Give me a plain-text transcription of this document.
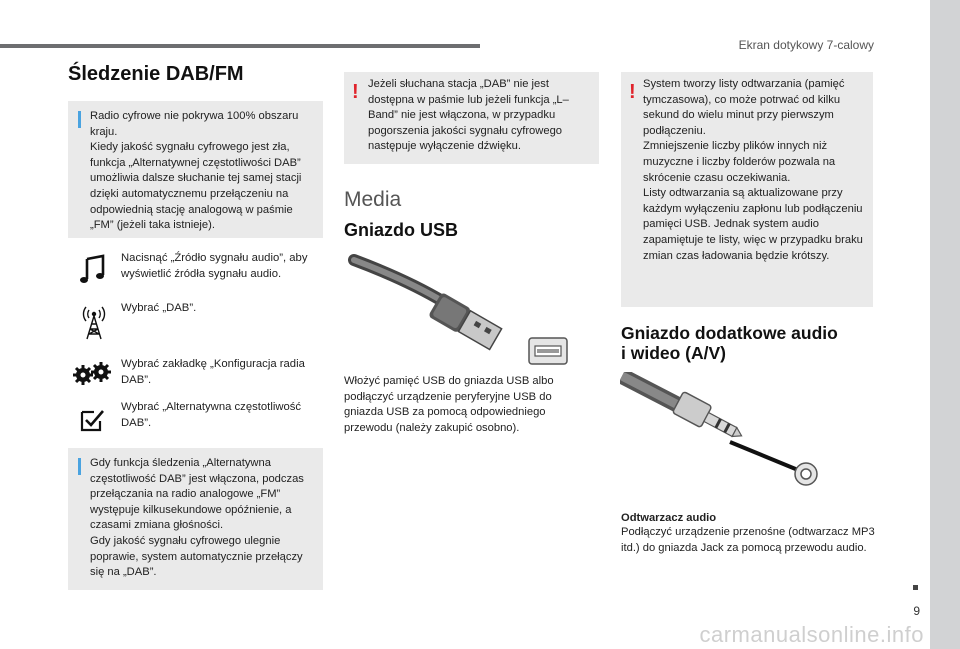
Ekran dotykowy 7-calowy
9
carmanualsonline.info
Śledzenie DAB/FM

Radio cyfrowe nie pokrywa 100% obszaru kraju.
Kiedy jakość sygnału cyfrowego jest zła, funkcja „Alternatywnej częstotliwości DAB” umożliwia dalsze słuchanie tej samej stacji dzięki automatycznemu przełączeniu na odpowiednią stację analogową w paśmie „FM” (jeżeli taka istnieje).

Nacisnąć „Źródło sygnału audio”, aby wyświetlić źródła sygnału audio.
Wybrać „DAB”.
Wybrać zakładkę „Konfiguracja radia DAB”.
Wybrać „Alternatywna częstotliwość DAB”.

Gdy funkcja śledzenia „Alternatywna częstotliwość DAB” jest włączona, podczas przełączania na radio analogowe „FM” występuje kilkusekundowe opóźnienie, a czasami zmiana głośności.
Gdy jakość sygnału cyfrowego ulegnie poprawie, system automatycznie przełączy się na „DAB”.

! Jeżeli słuchana stacja „DAB” nie jest dostępna w paśmie lub jeżeli funkcja „L–Band” nie jest włączona, w przypadku pogorszenia jakości sygnału cyfrowego następuje wyłączenie dźwięku.

Media
Gniazdo USB
Włożyć pamięć USB do gniazda USB albo podłączyć urządzenie peryferyjne USB do gniazda USB za pomocą odpowiedniego przewodu (należy zakupić osobno).
! System tworzy listy odtwarzania (pamięć tymczasowa), co może potrwać od kilku sekund do wielu minut przy pierwszym podłączeniu.
Zmniejszenie liczby plików innych niż muzyczne i liczby folderów pozwala na skrócenie czasu oczekiwania.
Listy odtwarzania są aktualizowane przy każdym wyłączeniu zapłonu lub podłączeniu pamięci USB. Jednak system audio zapamiętuje te listy, więc w przypadku braku zmian czas ładowania będzie krótszy.

Gniazdo dodatkowe audio
i wideo (A/V)
Odtwarzacz audio
Podłączyć urządzenie przenośne (odtwarzacz MP3 itd.) do gniazda Jack za pomocą przewodu audio.
